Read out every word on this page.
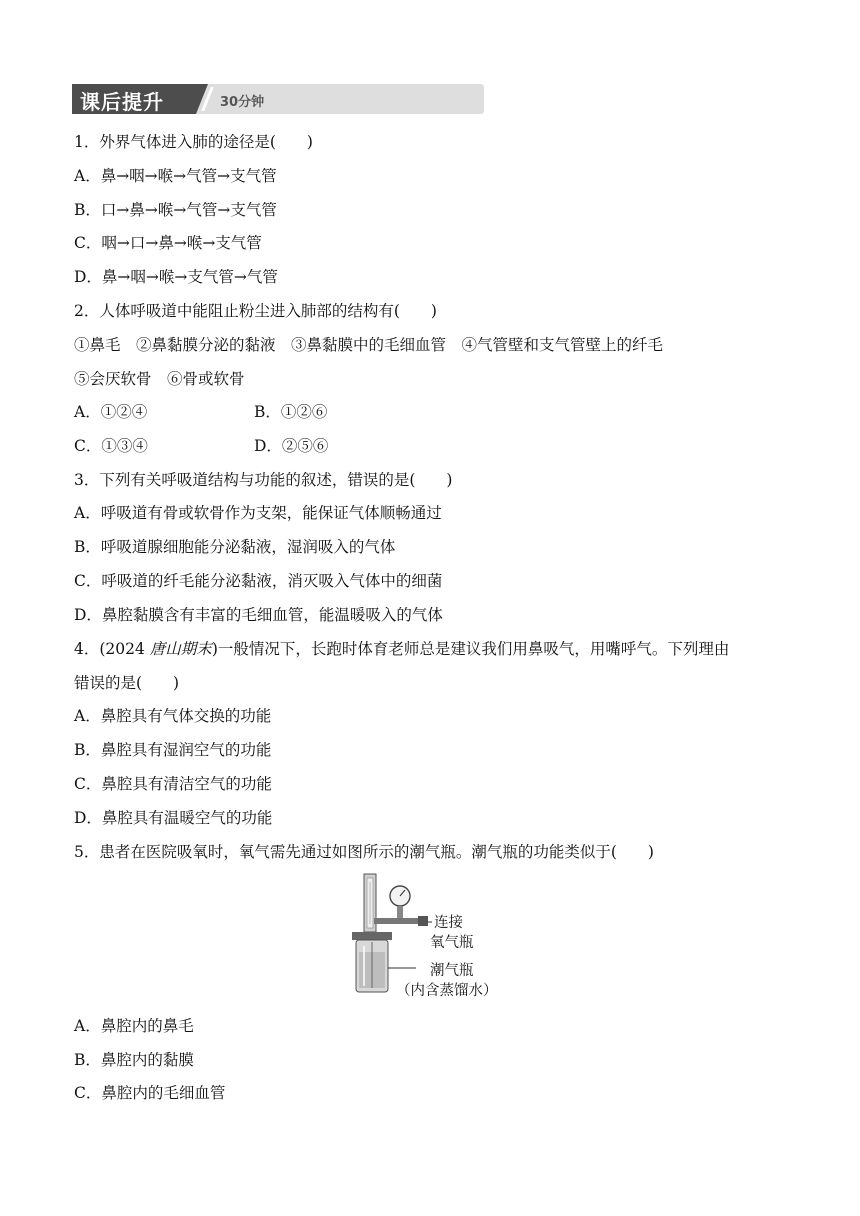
课后提升	30分钟
1．外界气体进入肺的途径是(　　)
A．鼻→咽→喉→气管→支气管
B．口→鼻→喉→气管→支气管
C．咽→口→鼻→喉→支气管
D．鼻→咽→喉→支气管→气管
2．人体呼吸道中能阻止粉尘进入肺部的结构有(　　)
①鼻毛　②鼻黏膜分泌的黏液　③鼻黏膜中的毛细血管　④气管壁和支气管壁上的纤毛
⑤会厌软骨　⑥骨或软骨
A．①②④	B．①②⑥
C．①③④	D．②⑤⑥
3．下列有关呼吸道结构与功能的叙述，错误的是(　　)
A．呼吸道有骨或软骨作为支架，能保证气体顺畅通过
B．呼吸道腺细胞能分泌黏液，湿润吸入的气体
C．呼吸道的纤毛能分泌黏液，消灭吸入气体中的细菌
D．鼻腔黏膜含有丰富的毛细血管，能温暖吸入的气体
4．(2024 唐山期末)一般情况下，长跑时体育老师总是建议我们用鼻吸气，用嘴呼气。下列理由
错误的是(　　)
A．鼻腔具有气体交换的功能
B．鼻腔具有湿润空气的功能
C．鼻腔具有清洁空气的功能
D．鼻腔具有温暖空气的功能
5．患者在医院吸氧时，氧气需先通过如图所示的潮气瓶。潮气瓶的功能类似于(　　)
连接
氧气瓶
潮气瓶
（内含蒸馏水）
A．鼻腔内的鼻毛
B．鼻腔内的黏膜
C．鼻腔内的毛细血管
